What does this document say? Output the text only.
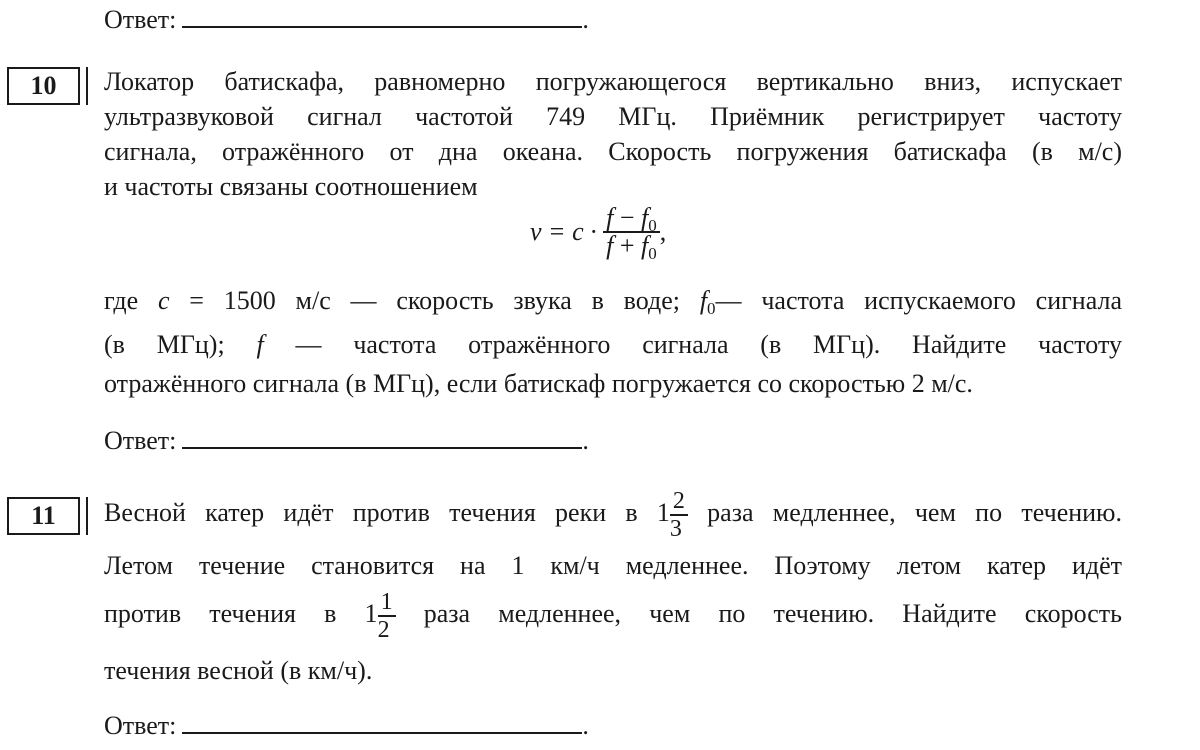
Ответ:	.
10	Локатор батискафа, равномерно погружающегося вертикально вниз, испускает
ультразвуковой сигнал частотой 749 МГц. Приёмник регистрирует частоту
сигнала, отражённого от дна океана. Скорость погружения батискафа (в м/с)
и частоты связаны соотношением
$v = c \cdot \frac{f - f_0}{f + f_0}$ ,
где c = 1500 м/с — скорость звука в воде; $f_0—$ частота испускаемого сигнала
(в МГц); f — частота отражённого сигнала (в МГц). Найдите частоту
отражённого сигнала (в МГц), если батискаф погружается со скоростью 2 м/с.
Ответ:	.
11	Весной катер идёт против течения реки в $1 \frac{2}{3}$ раза медленнее, чем по течению.
Летом течение становится на 1 км/ч медленнее. Поэтому летом катер идёт
против течения в $1 \frac{1}{2}$ раза медленнее, чем по течению. Найдите скорость
течения весной (в км/ч).
Ответ:	.
